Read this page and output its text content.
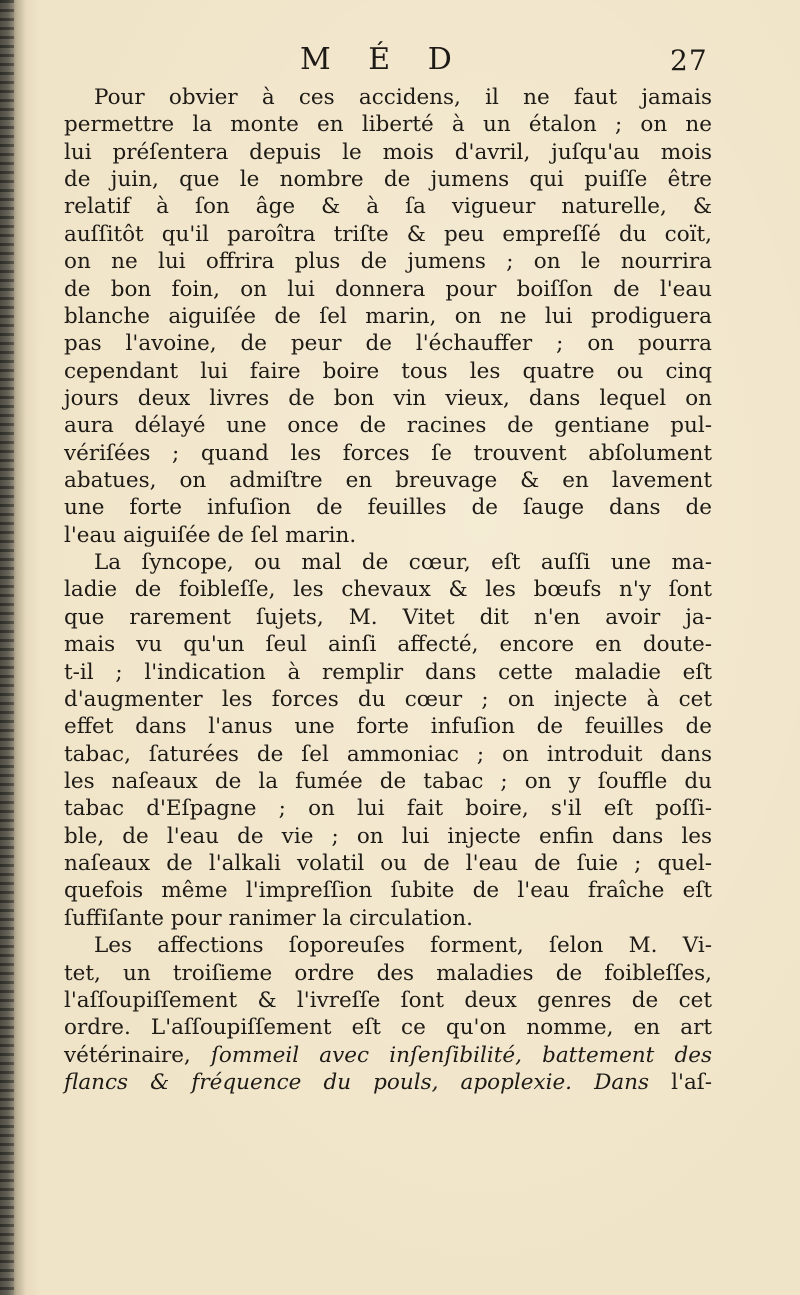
M É D	27
Pour obvier à ces accidens, il ne faut jamais
permettre la monte en liberté à un étalon ; on ne
lui préſentera depuis le mois d'avril, juſqu'au mois
de juin, que le nombre de jumens qui puiſſe être
relatif à ſon âge & à ſa vigueur naturelle, &
auſſitôt qu'il paroîtra triſte & peu empreſſé du coït,
on ne lui offrira plus de jumens ; on le nourrira
de bon foin, on lui donnera pour boiſſon de l'eau
blanche aiguiſée de ſel marin, on ne lui prodiguera
pas l'avoine, de peur de l'échauffer ; on pourra
cependant lui faire boire tous les quatre ou cinq
jours deux livres de bon vin vieux, dans lequel on
aura délayé une once de racines de gentiane pul-
vériſées ; quand les forces ſe trouvent abſolument
abatues, on admiſtre en breuvage & en lavement
une forte infuſion de feuilles de ſauge dans de
l'eau aiguiſée de ſel marin.
La ſyncope, ou mal de cœur, eſt auſſi une ma-
ladie de foibleſſe, les chevaux & les bœufs n'y ſont
que rarement ſujets, M. Vitet dit n'en avoir ja-
mais vu qu'un ſeul ainſi affecté, encore en doute-
t-il ; l'indication à remplir dans cette maladie eſt
d'augmenter les forces du cœur ; on injecte à cet
effet dans l'anus une forte infuſion de feuilles de
tabac, ſaturées de ſel ammoniac ; on introduit dans
les naſeaux de la fumée de tabac ; on y ſouffle du
tabac d'Eſpagne ; on lui fait boire, s'il eſt poſſi-
ble, de l'eau de vie ; on lui injecte enfin dans les
naſeaux de l'alkali volatil ou de l'eau de ſuie ; quel-
quefois même l'impreſſion ſubite de l'eau fraîche eſt
ſuffiſante pour ranimer la circulation.
Les affections ſoporeuſes forment, ſelon M. Vi-
tet, un troiſieme ordre des maladies de foibleſſes,
l'aſſoupiſſement & l'ivreſſe ſont deux genres de cet
ordre. L'aſſoupiſſement eſt ce qu'on nomme, en art
vétérinaire, ſommeil avec inſenſibilité, battement des
flancs & fréquence du pouls, apoplexie. Dans l'aſ-
